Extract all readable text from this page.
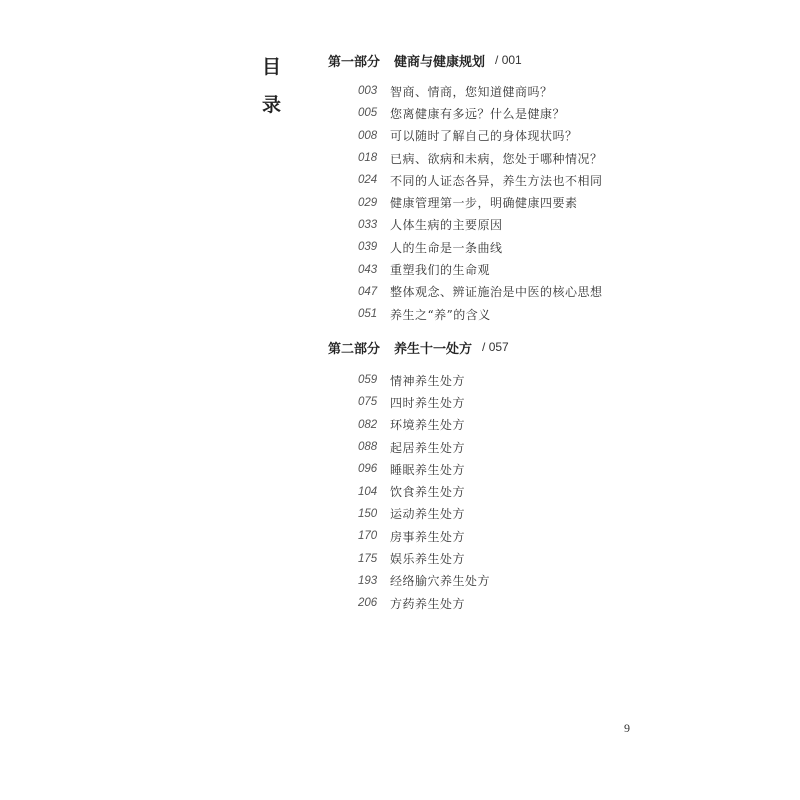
目
录
第一部分 健商与健康规划 / 001
003	智商、情商，您知道健商吗？
005	您离健康有多远？什么是健康？
008	可以随时了解自己的身体现状吗？
018	已病、欲病和未病，您处于哪种情况？
024	不同的人证态各异，养生方法也不相同
029	健康管理第一步，明确健康四要素
033	人体生病的主要原因
039	人的生命是一条曲线
043	重塑我们的生命观
047	整体观念、辨证施治是中医的核心思想
051	养生之“养”的含义
第二部分 养生十一处方 / 057
059	情神养生处方
075	四时养生处方
082	环境养生处方
088	起居养生处方
096	睡眠养生处方
104	饮食养生处方
150	运动养生处方
170	房事养生处方
175	娱乐养生处方
193	经络腧穴养生处方
206	方药养生处方
9
